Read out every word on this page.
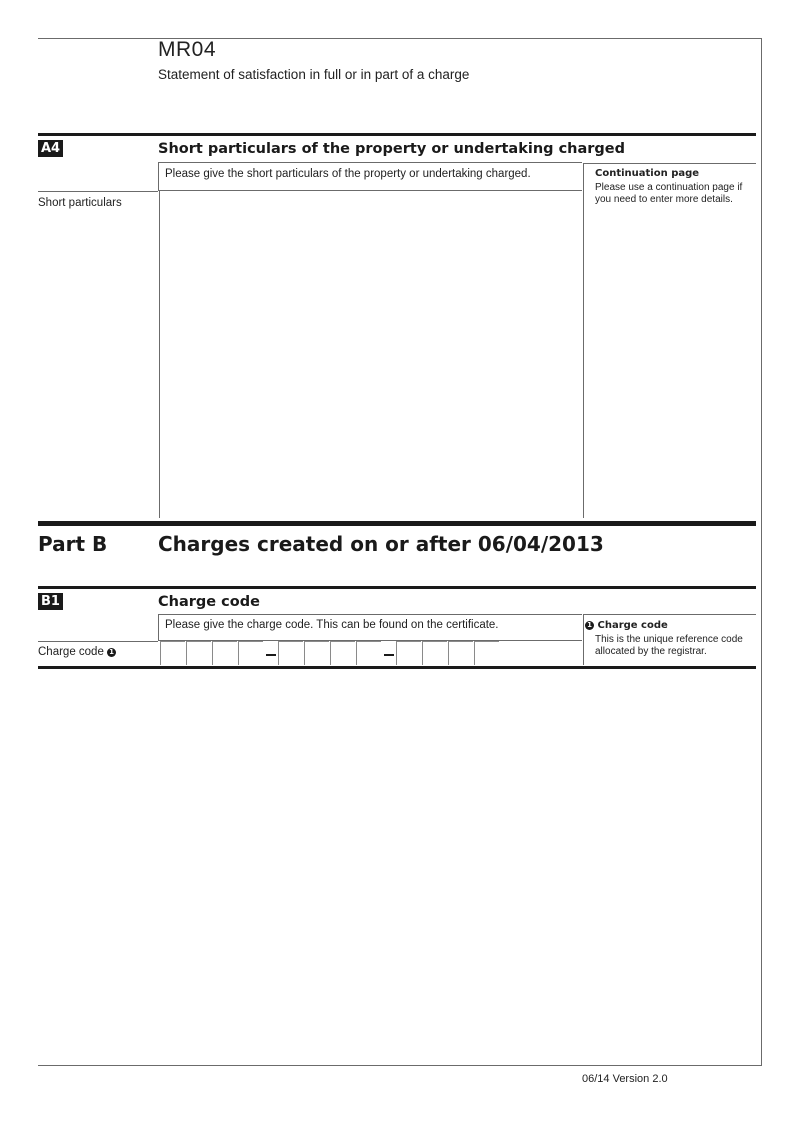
MR04
Statement of satisfaction in full or in part of a charge
A4	Short particulars of the property or undertaking charged
Please give the short particulars of the property or undertaking charged.
Short particulars
Continuation page
Please use a continuation page if you need to enter more details.
Part B	Charges created on or after 06/04/2013
B1	Charge code
Please give the charge code. This can be found on the certificate.
Charge code 1
1 Charge code
This is the unique reference code allocated by the registrar.
06/14 Version 2.0
